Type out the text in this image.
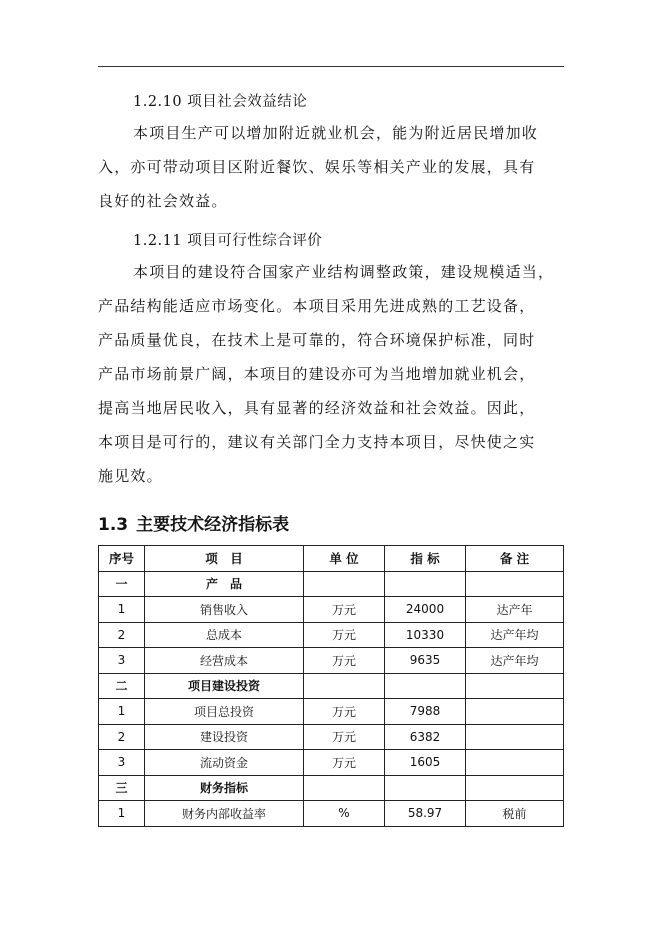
1.2.10 项目社会效益结论
本项目生产可以增加附近就业机会，能为附近居民增加收
入，亦可带动项目区附近餐饮、娱乐等相关产业的发展，具有
良好的社会效益。
1.2.11 项目可行性综合评价
本项目的建设符合国家产业结构调整政策，建设规模适当，
产品结构能适应市场变化。本项目采用先进成熟的工艺设备，
产品质量优良，在技术上是可靠的，符合环境保护标准，同时
产品市场前景广阔，本项目的建设亦可为当地增加就业机会，
提高当地居民收入，具有显著的经济效益和社会效益。因此，
本项目是可行的，建议有关部门全力支持本项目，尽快使之实
施见效。
1.3 主要技术经济指标表
序号	项　目	单 位	指 标	备 注
一	产　品			
1	销售收入	万元	24000	达产年
2	总成本	万元	10330	达产年均
3	经营成本	万元	9635	达产年均
二	项目建设投资			
1	项目总投资	万元	7988	
2	建设投资	万元	6382	
3	流动资金	万元	1605	
三	财务指标			
1	财务内部收益率	%	58.97	税前
